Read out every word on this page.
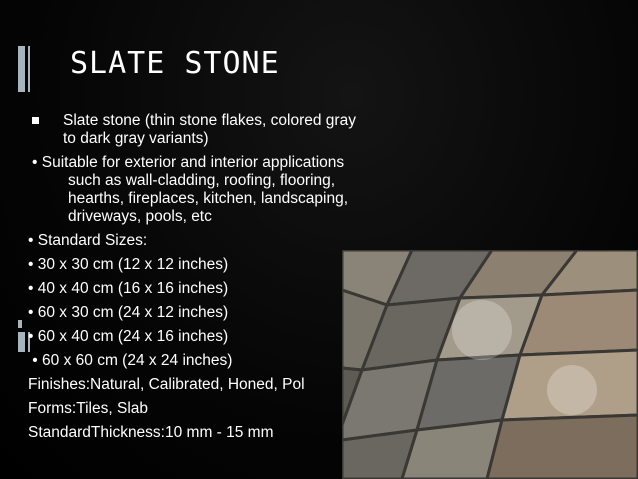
SLATE STONE
Slate stone (thin stone flakes, colored gray
to dark gray variants)
• Suitable for exterior and interior applications
such as wall-cladding, roofing, flooring,
hearths, fireplaces, kitchen, landscaping,
driveways, pools, etc
• Standard Sizes:
• 30 x 30 cm (12 x 12 inches)
• 40 x 40 cm (16 x 16 inches)
• 60 x 30 cm (24 x 12 inches)
• 60 x 40 cm (24 x 16 inches)
• 60 x 60 cm (24 x 24 inches)
Finishes:Natural, Calibrated, Honed, Pol
Forms:Tiles, Slab
StandardThickness:10 mm - 15 mm
